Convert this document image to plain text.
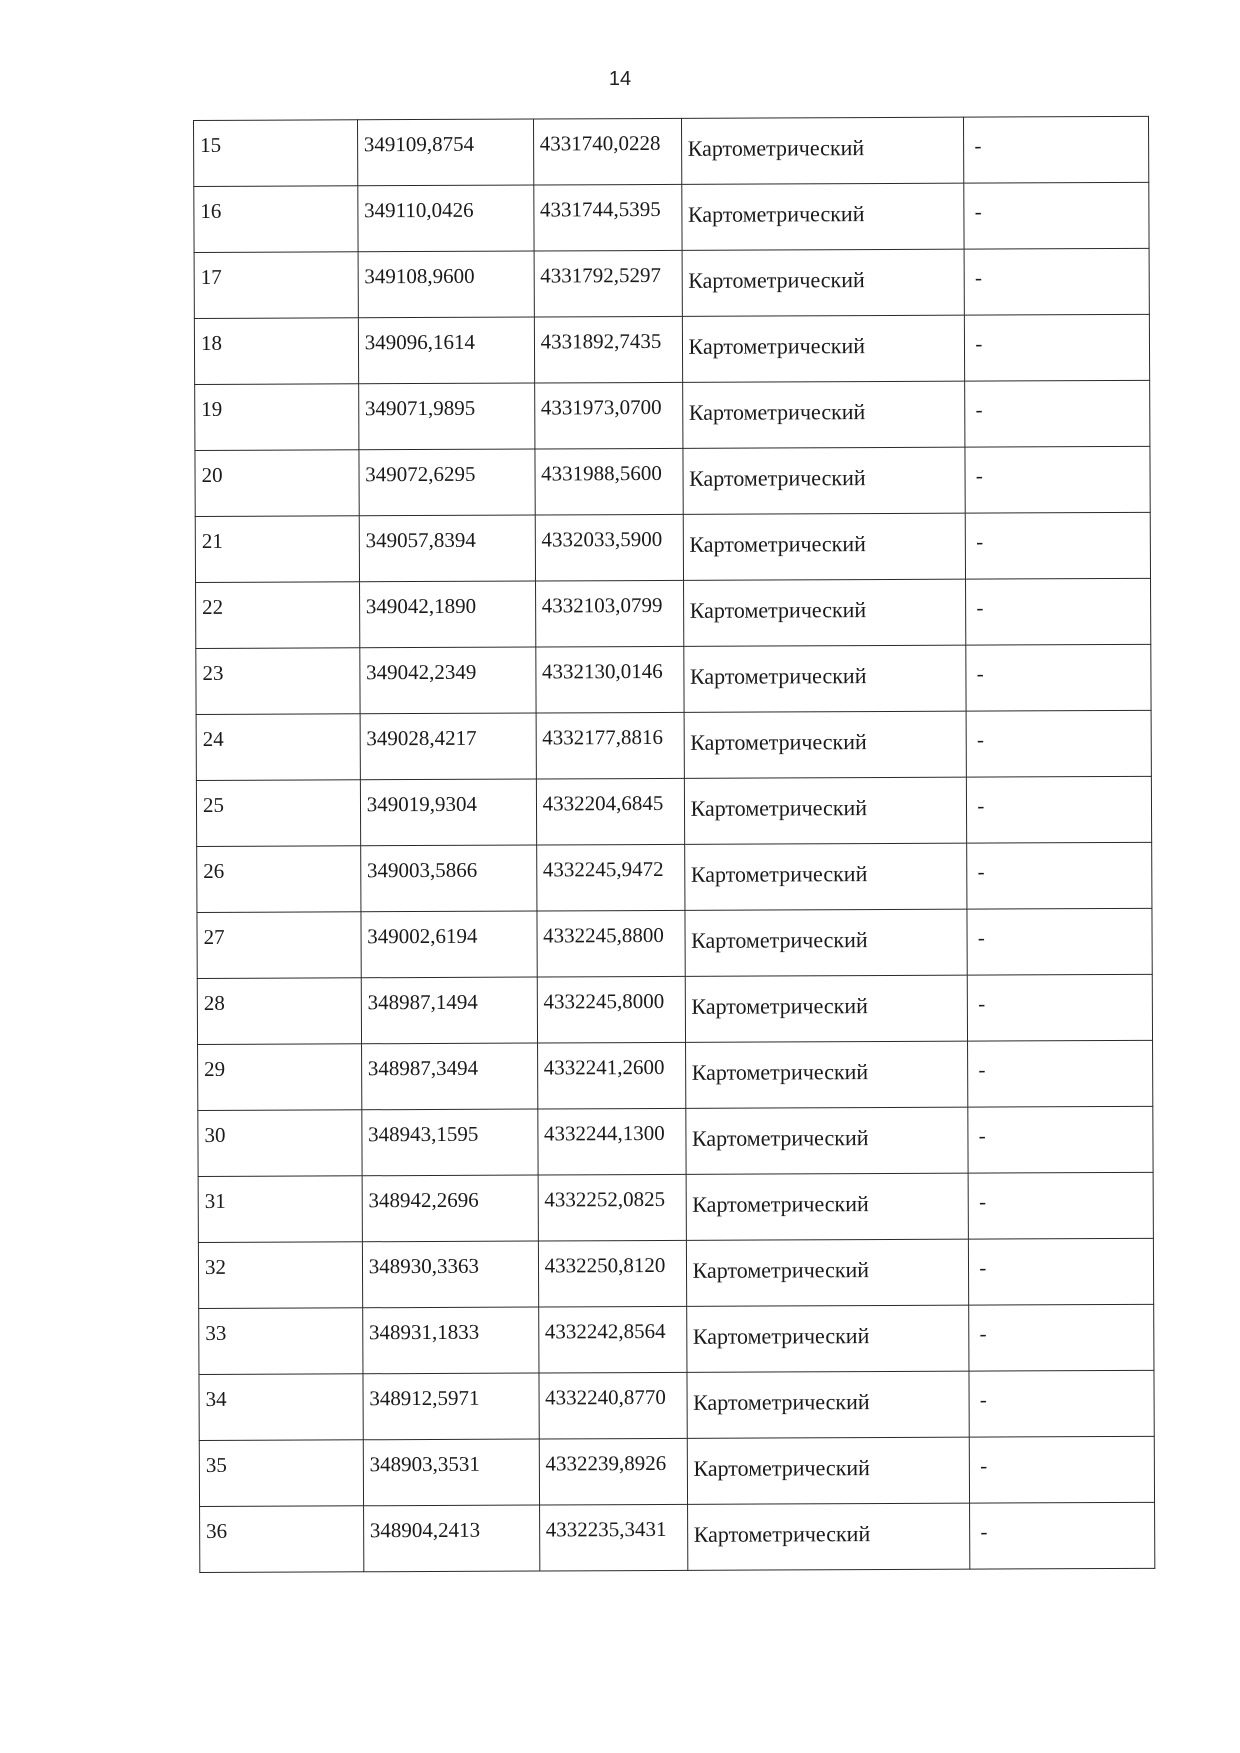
14
15	349109,8754	4331740,0228	Картометрический	-
16	349110,0426	4331744,5395	Картометрический	-
17	349108,9600	4331792,5297	Картометрический	-
18	349096,1614	4331892,7435	Картометрический	-
19	349071,9895	4331973,0700	Картометрический	-
20	349072,6295	4331988,5600	Картометрический	-
21	349057,8394	4332033,5900	Картометрический	-
22	349042,1890	4332103,0799	Картометрический	-
23	349042,2349	4332130,0146	Картометрический	-
24	349028,4217	4332177,8816	Картометрический	-
25	349019,9304	4332204,6845	Картометрический	-
26	349003,5866	4332245,9472	Картометрический	-
27	349002,6194	4332245,8800	Картометрический	-
28	348987,1494	4332245,8000	Картометрический	-
29	348987,3494	4332241,2600	Картометрический	-
30	348943,1595	4332244,1300	Картометрический	-
31	348942,2696	4332252,0825	Картометрический	-
32	348930,3363	4332250,8120	Картометрический	-
33	348931,1833	4332242,8564	Картометрический	-
34	348912,5971	4332240,8770	Картометрический	-
35	348903,3531	4332239,8926	Картометрический	-
36	348904,2413	4332235,3431	Картометрический	-
